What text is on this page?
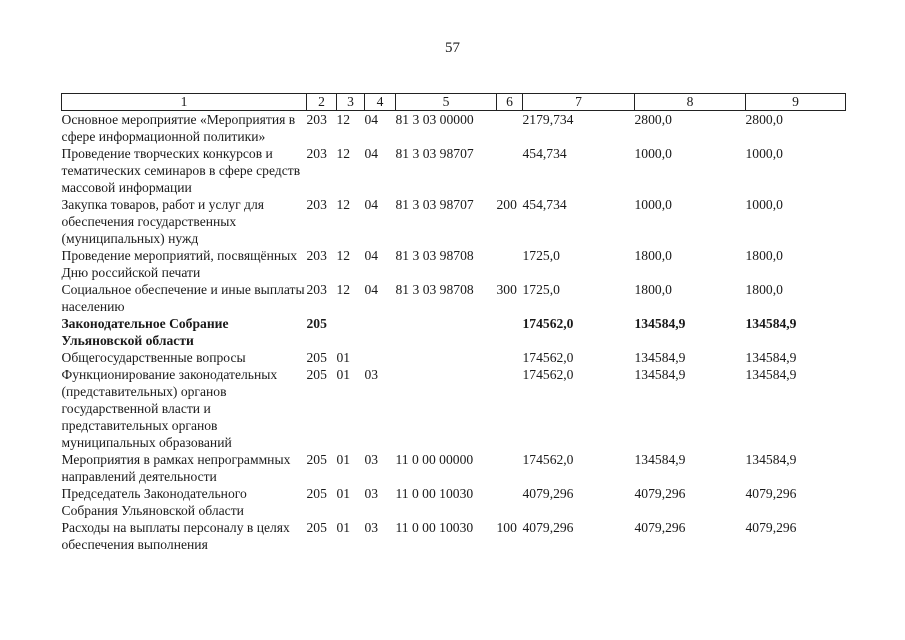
57
1	2	3	4	5	6	7	8	9
Основное мероприятие «Мероприятия в сфере информационной политики»	203	12	04	81 3 03 00000		2179,734	2800,0	2800,0
Проведение творческих конкурсов и тематических семинаров в сфере средств массовой информации	203	12	04	81 3 03 98707		454,734	1000,0	1000,0
Закупка товаров, работ и услуг для обеспечения государственных (муниципальных) нужд	203	12	04	81 3 03 98707	200	454,734	1000,0	1000,0
Проведение мероприятий, посвящённых Дню российской печати	203	12	04	81 3 03 98708		1725,0	1800,0	1800,0
Социальное обеспечение и иные выплаты населению	203	12	04	81 3 03 98708	300	1725,0	1800,0	1800,0
Законодательное Собрание Ульяновской области	205					174562,0	134584,9	134584,9
Общегосударственные вопросы	205	01				174562,0	134584,9	134584,9
Функционирование законодательных (представительных) органов государственной власти и представительных органов муниципальных образований	205	01	03			174562,0	134584,9	134584,9
Мероприятия в рамках непрограммных направлений деятельности	205	01	03	11 0 00 00000		174562,0	134584,9	134584,9
Председатель Законодательного Собрания Ульяновской области	205	01	03	11 0 00 10030		4079,296	4079,296	4079,296
Расходы на выплаты персоналу в целях обеспечения выполнения	205	01	03	11 0 00 10030	100	4079,296	4079,296	4079,296
